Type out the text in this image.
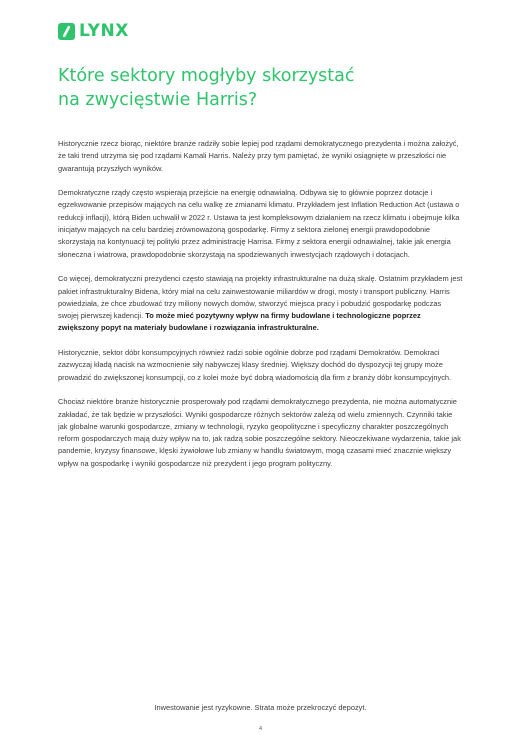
LYNX
Które sektory mogłyby skorzystać na zwycięstwie Harris?

Historycznie rzecz biorąc, niektóre branże radziły sobie lepiej pod rządami demokratycznego prezydenta i można założyć, że taki trend utrzyma się pod rządami Kamali Harris. Należy przy tym pamiętać, że wyniki osiągnięte w przeszłości nie gwarantują przyszłych wyników.

Demokratyczne rządy często wspierają przejście na energię odnawialną. Odbywa się to głównie poprzez dotacje i egzekwowanie przepisów mających na celu walkę ze zmianami klimatu. Przykładem jest Inflation Reduction Act (ustawa o redukcji inflacji), którą Biden uchwalił w 2022 r. Ustawa ta jest kompleksowym działaniem na rzecz klimatu i obejmuje kilka inicjatyw mających na celu bardziej zrównoważoną gospodarkę. Firmy z sektora zielonej energii prawdopodobnie skorzystają na kontynuacji tej polityki przez administrację Harrisa. Firmy z sektora energii odnawialnej, takie jak energia słoneczna i wiatrowa, prawdopodobnie skorzystają na spodziewanych inwestycjach rządowych i dotacjach.

Co więcej, demokratyczni prezydenci często stawiają na projekty infrastrukturalne na dużą skalę. Ostatnim przykładem jest pakiet infrastrukturalny Bidena, który miał na celu zainwestowanie miliardów w drogi, mosty i transport publiczny. Harris powiedziała, że chce zbudować trzy miliony nowych domów, stworzyć miejsca pracy i pobudzić gospodarkę podczas swojej pierwszej kadencji. To może mieć pozytywny wpływ na firmy budowlane i technologiczne poprzez zwiększony popyt na materiały budowlane i rozwiązania infrastrukturalne.

Historycznie, sektor dóbr konsumpcyjnych również radzi sobie ogólnie dobrze pod rządami Demokratów. Demokraci zazwyczaj kładą nacisk na wzmocnienie siły nabywczej klasy średniej. Większy dochód do dyspozycji tej grupy może prowadzić do zwiększonej konsumpcji, co z kolei może być dobrą wiadomością dla firm z branży dóbr konsumpcyjnych.

Chociaż niektóre branże historycznie prosperowały pod rządami demokratycznego prezydenta, nie można automatycznie zakładać, że tak będzie w przyszłości. Wyniki gospodarcze różnych sektorów zależą od wielu zmiennych. Czynniki takie jak globalne warunki gospodarcze, zmiany w technologii, ryzyko geopolityczne i specyficzny charakter poszczególnych reform gospodarczych mają duży wpływ na to, jak radzą sobie poszczególne sektory. Nieoczekiwane wydarzenia, takie jak pandemie, kryzysy finansowe, klęski żywiołowe lub zmiany w handlu światowym, mogą czasami mieć znacznie większy wpływ na gospodarkę i wyniki gospodarcze niż prezydent i jego program polityczny.

Inwestowanie jest ryzykowne. Strata może przekroczyć depozyt.
4
